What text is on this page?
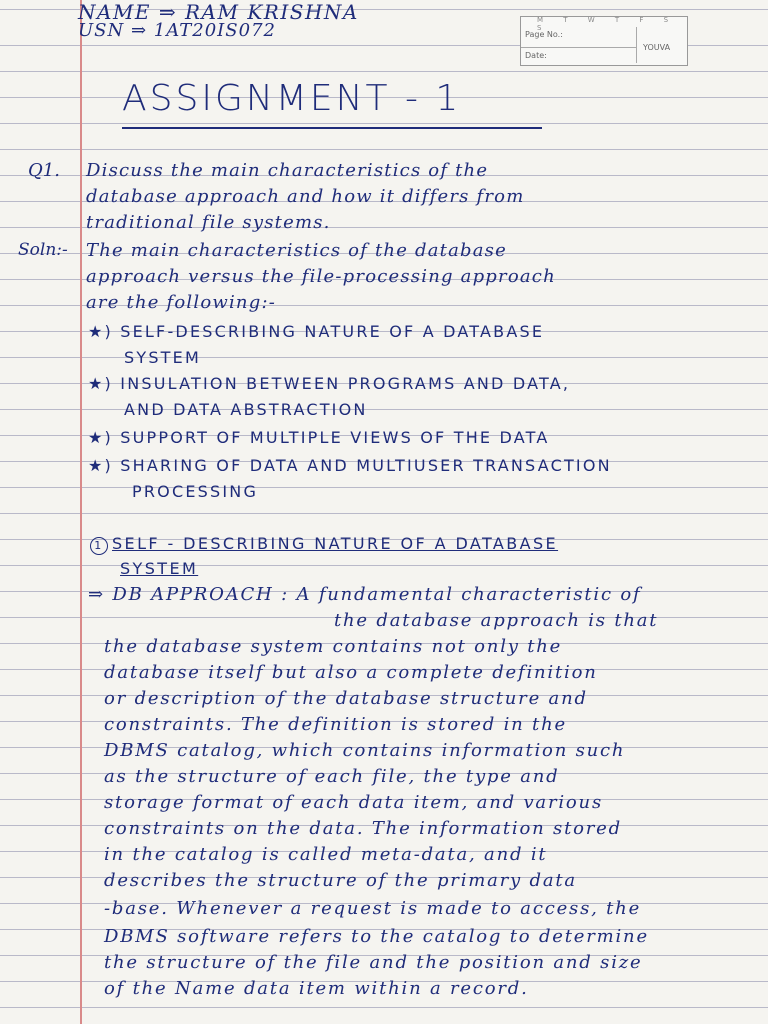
NAME ⇒ RAM KRISHNA
USN ⇒ 1AT20IS072	M T W T F S S
Page No.:
Date:
YOUVA
ASSIGNMENT - 1
Q1. Discuss the main characteristics of the
database approach and how it differs from
traditional file systems.
Soln:- The main characteristics of the database
approach versus the file-processing approach
are the following:-
★) SELF-DESCRIBING NATURE OF A DATABASE
SYSTEM
★) INSULATION BETWEEN PROGRAMS AND DATA,
AND DATA ABSTRACTION
★) SUPPORT OF MULTIPLE VIEWS OF THE DATA
★) SHARING OF DATA AND MULTIUSER TRANSACTION
PROCESSING
1 SELF - DESCRIBING NATURE OF A DATABASE
SYSTEM
⇒ DB APPROACH : A fundamental characteristic of
the database approach is that
the database system contains not only the
database itself but also a complete definition
or description of the database structure and
constraints. The definition is stored in the
DBMS catalog, which contains information such
as the structure of each file, the type and
storage format of each data item, and various
constraints on the data. The information stored
in the catalog is called meta-data, and it
describes the structure of the primary data
-base. Whenever a request is made to access, the
DBMS software refers to the catalog to determine
the structure of the file and the position and size
of the Name data item within a record.
